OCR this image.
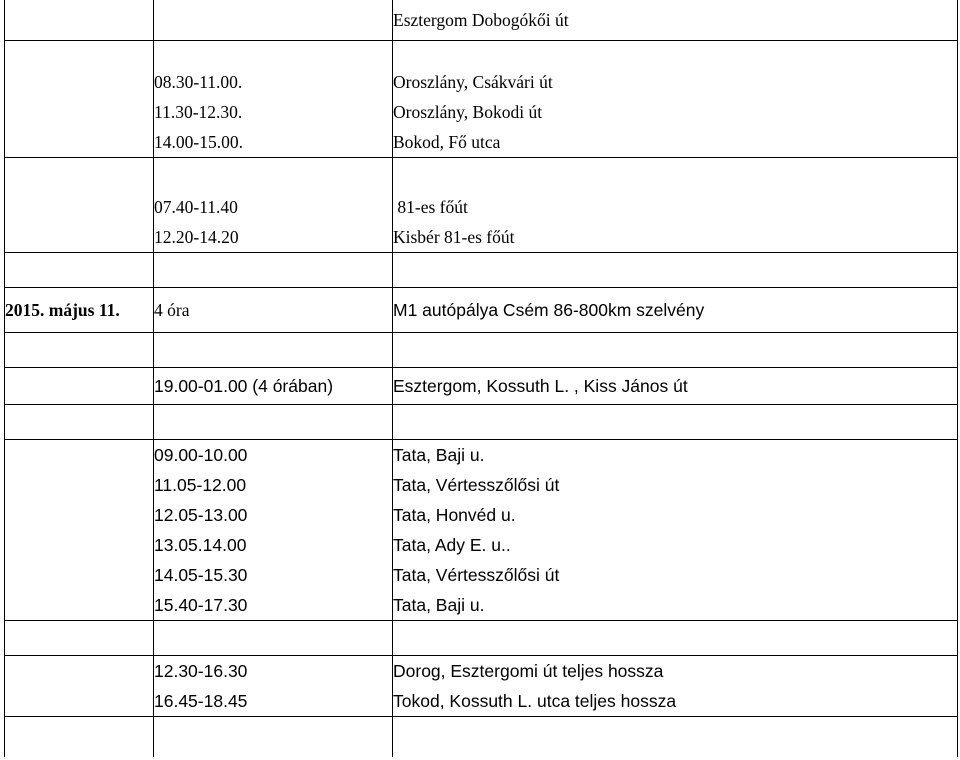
		Esztergom Dobogókői út

	08.30-11.00.	Oroszlány, Csákvári út
	11.30-12.30.	Oroszlány, Bokodi út
	14.00-15.00.	Bokod, Fő utca

	07.40-11.40	81-es főút
	12.20-14.20	Kisbér 81-es főút

2015. május 11.	4 óra	M1 autópálya Csém 86-800km szelvény

	19.00-01.00 (4 órában)	Esztergom, Kossuth L. , Kiss János út

	09.00-10.00	Tata, Baji u.
	11.05-12.00	Tata, Vértesszőlősi út
	12.05-13.00	Tata, Honvéd u.
	13.05.14.00	Tata, Ady E. u..
	14.05-15.30	Tata, Vértesszőlősi út
	15.40-17.30	Tata, Baji u.

	12.30-16.30	Dorog, Esztergomi út teljes hossza
	16.45-18.45	Tokod, Kossuth L. utca teljes hossza
